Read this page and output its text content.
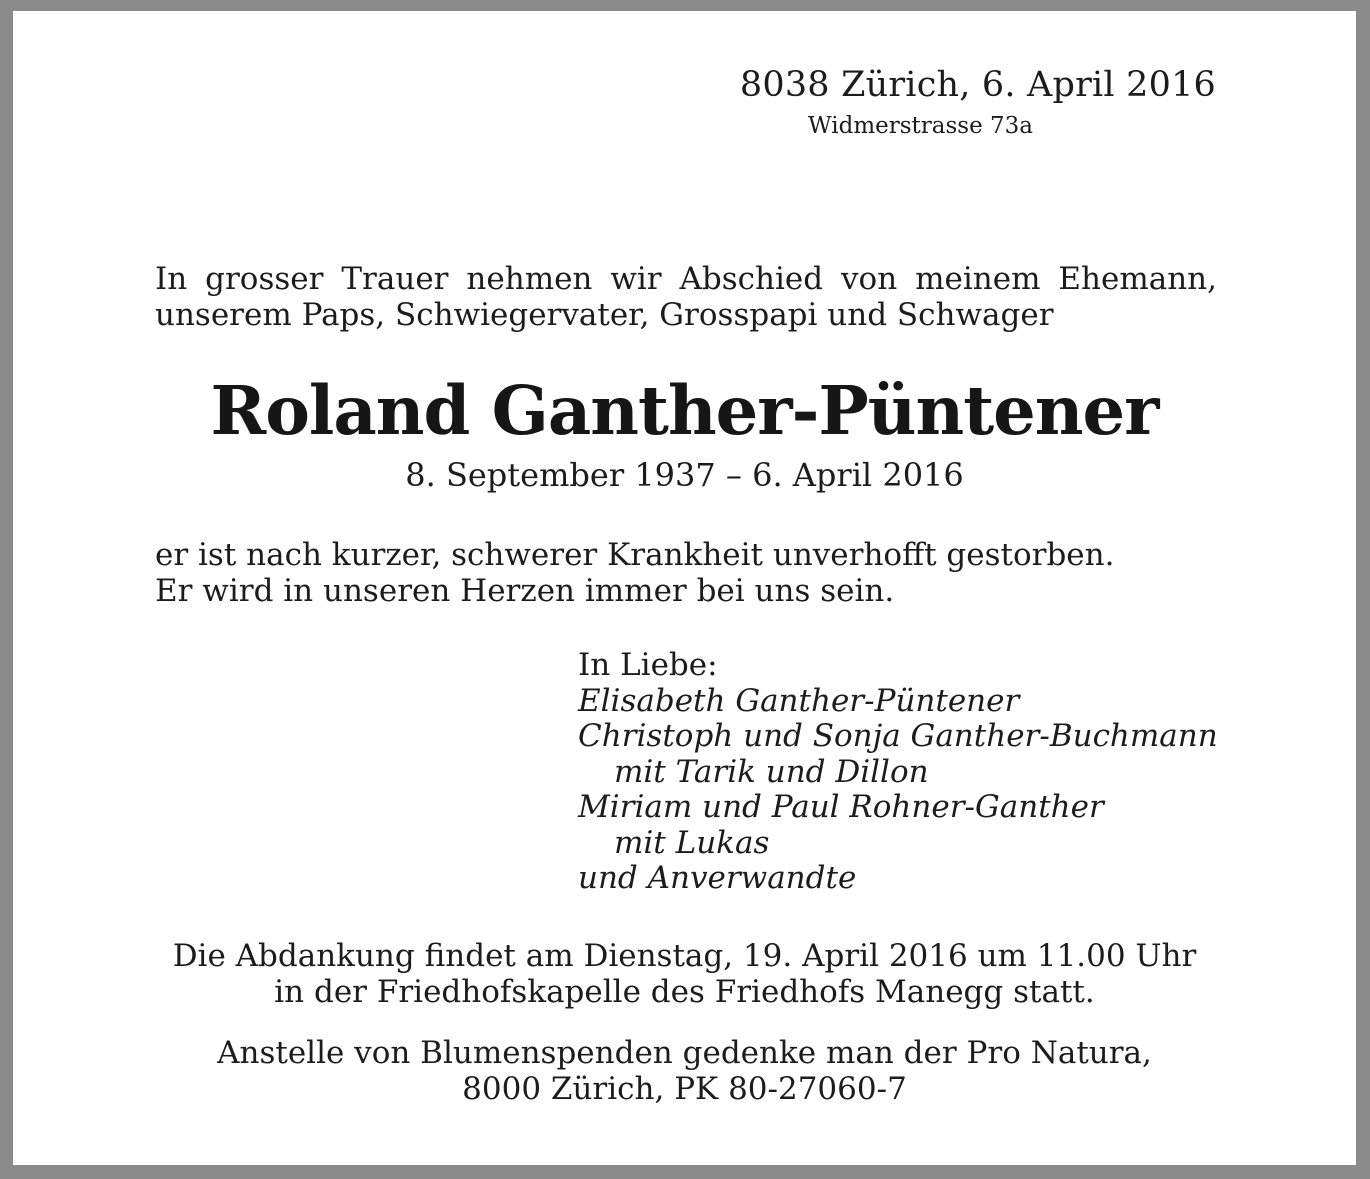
8038 Zürich, 6. April 2016

Widmerstrasse 73a

In grosser Trauer nehmen wir Abschied von meinem Ehemann,
unserem Paps, Schwiegervater, Grosspapi und Schwager
Roland Ganther-Püntener

8. September 1937 – 6. April 2016

er ist nach kurzer, schwerer Krankheit unverhofft gestorben.
Er wird in unseren Herzen immer bei uns sein.
In Liebe:
Elisabeth Ganther-Püntener
Christoph und Sonja Ganther-Buchmann
mit Tarik und Dillon
Miriam und Paul Rohner-Ganther
mit Lukas
und Anverwandte
Die Abdankung findet am Dienstag, 19. April 2016 um 11.00 Uhr
in der Friedhofskapelle des Friedhofs Manegg statt.
Anstelle von Blumenspenden gedenke man der Pro Natura,
8000 Zürich, PK 80-27060-7
